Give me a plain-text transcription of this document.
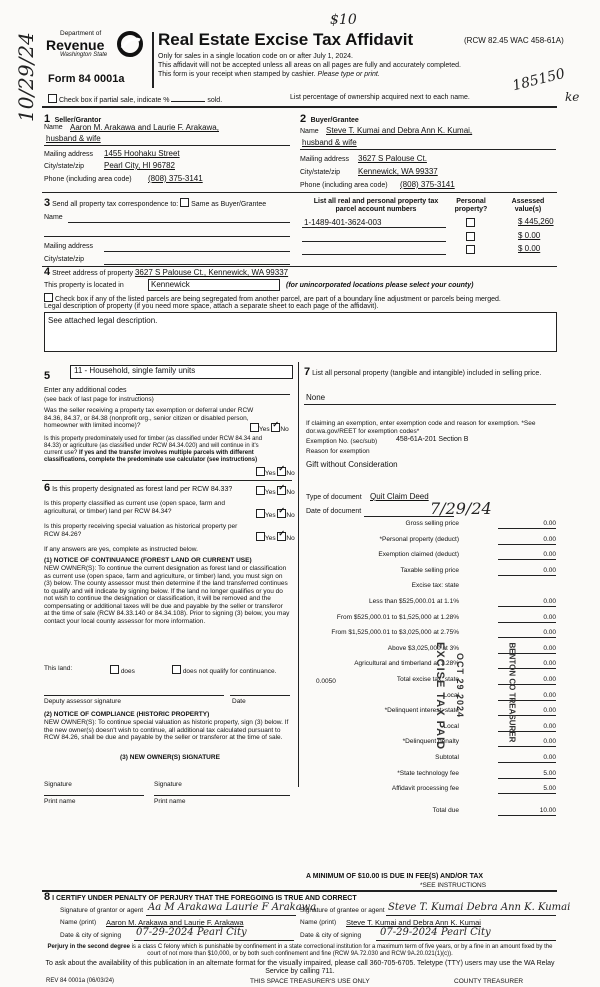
10/29/24
$10
185150
ke
Department of
Revenue
Washington State
Form 84 0001a
Real Estate Excise Tax Affidavit	(RCW 82.45 WAC 458-61A)
Only for sales in a single location code on or after July 1, 2024.
This affidavit will not be accepted unless all areas on all pages are fully and accurately completed.
This form is your receipt when stamped by cashier. Please type or print.
Check box if partial sale, indicate %	sold.	List percentage of ownership acquired next to each name.
1 Seller/Grantor
Name Aaron M. Arakawa and Laurie F. Arakawa,
husband & wife
Mailing address 1455 Hoohaku Street
City/state/zip Pearl City, HI 96782
Phone (including area code) (808) 375-3141
2 Buyer/Grantee
Name Steve T. Kumai and Debra Ann K. Kumai,
husband & wife
Mailing address 3627 S Palouse Ct.
City/state/zip Kennewick, WA 99337
Phone (including area code) (808) 375-3141
3 Send all property tax correspondence to: Same as Buyer/Grantee
Name
Mailing address
City/state/zip
List all real and personal property tax parcel account numbers
Personal property?
Assessed value(s)
1-1489-401-3624-003	$ 445,260
$ 0.00
$ 0.00
4 Street address of property 3627 S Palouse Ct., Kennewick, WA 99337
This property is located in	Kennewick	(for unincorporated locations please select your county)
Check box if any of the listed parcels are being segregated from another parcel, are part of a boundary line adjustment or parcels being merged.
Legal description of property (if you need more space, attach a separate sheet to each page of the affidavit).
See attached legal description.
5	11 - Household, single family units
Enter any additional codes
(see back of last page for instructions)
Was the seller receiving a property tax exemption or deferral under RCW 84.36, 84.37, or 84.38 (nonprofit org., senior citizen or disabled person, homeowner with limited income)?
Yes ✓ No
Is this property predominately used for timber (as classified under RCW 84.34 and 84.33) or agriculture (as classified under RCW 84.34.020) and will continue in it's current use? If yes and the transfer involves multiple parcels with different classifications, complete the predominate use calculator (see instructions)
Yes ✓ No
6 Is this property designated as forest land per RCW 84.33?	Yes ✓ No
Is this property classified as current use (open space, farm and agricultural, or timber) land per RCW 84.34?
Yes ✓ No
Is this property receiving special valuation as historical property per RCW 84.26?
Yes ✓ No
If any answers are yes, complete as instructed below.
(1) NOTICE OF CONTINUANCE (FOREST LAND OR CURRENT USE)
NEW OWNER(S): To continue the current designation as forest land or classification as current use (open space, farm and agriculture, or timber) land, you must sign on (3) below. The county assessor must then determine if the land transferred continues to qualify and will indicate by signing below. If the land no longer qualifies or you do not wish to continue the designation or classification, it will be removed and the compensating or additional taxes will be due and payable by the seller or transferor at the time of sale (RCW 84.33.140 or 84.34.108). Prior to signing (3) below, you may contact your local county assessor for more information.
This land:	does	does not qualify for continuance.
Deputy assessor signature	Date
(2) NOTICE OF COMPLIANCE (HISTORIC PROPERTY)
NEW OWNER(S): To continue special valuation as historic property, sign (3) below. If the new owner(s) doesn't wish to continue, all additional tax calculated pursuant to RCW 84.26, shall be due and payable by the seller or transferor at the time of sale.
(3) NEW OWNER(S) SIGNATURE
Signature	Signature
Print name	Print name
7 List all personal property (tangible and intangible) included in selling price.
None
If claiming an exemption, enter exemption code and reason for exemption. *See dor.wa.gov/REET for exemption codes*
Exemption No. (sec/sub)	458-61A-201 Section B
Reason for exemption
Gift without Consideration
Type of document Quit Claim Deed
Date of document	7/29/24
Gross selling price	0.00
*Personal property (deduct)	0.00
Exemption claimed (deduct)	0.00
Taxable selling price	0.00
Excise tax: state
Less than $525,000.01 at 1.1%	0.00
From $525,000.01 to $1,525,000 at 1.28%	0.00
From $1,525,000.01 to $3,025,000 at 2.75%	0.00
Above $3,025,000 at 3%	0.00
Agricultural and timberland at 1.28%	0.00
Total excise tax: state	0.00
Local	0.00
*Delinquent interest: state	0.00
Local	0.00
*Delinquent penalty	0.00
Subtotal	0.00
*State technology fee	5.00
Affidavit processing fee	5.00
Total due	10.00
0.0050	EXCISE TAX PAID OCT 29 2024	BENTON CO TREASURER
A MINIMUM OF $10.00 IS DUE IN FEE(S) AND/OR TAX
*SEE INSTRUCTIONS
8 I CERTIFY UNDER PENALTY OF PERJURY THAT THE FOREGOING IS TRUE AND CORRECT
Signature of grantor or agent Aa M Arakawa Laurie F Arakawa
Signature of grantee or agent Steve T. Kumai Debra Ann K. Kumai
Name (print) Aaron M. Arakawa and Laurie F. Arakawa	Name (print) Steve T. Kumai and Debra Ann K. Kumai
Date & city of signing 07-29-2024 Pearl City	Date & city of signing 07-29-2024 Pearl City
Perjury in the second degree is a class C felony which is punishable by confinement in a state correctional institution for a maximum term of five years, or by a fine in an amount fixed by the court of not more than $10,000, or by both such confinement and fine (RCW 9A.72.030 and RCW 9A.20.021(1)(c)).
To ask about the availability of this publication in an alternate format for the visually impaired, please call 360-705-6705. Teletype (TTY) users may use the WA Relay Service by calling 711.
REV 84 0001a (06/03/24)	THIS SPACE TREASURER'S USE ONLY	COUNTY TREASURER
